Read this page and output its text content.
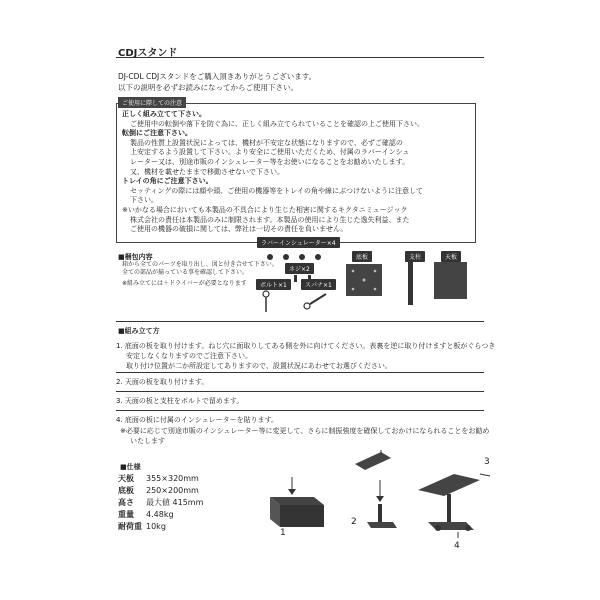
CDJスタンド
DJ-CDL CDJスタンドをご購入頂きありがとうございます。
以下の説明を必ずお読みになってからご使用下さい。
ご使用に際しての注意
正しく組み立てて下さい。
ご使用中の転倒や落下を防ぐ為に、正しく組み立てられていることを確認の上ご使用下さい。
転倒にご注意下さい。
製品の性質上設置状況によっては、機材が不安定な状態になりますので、必ずご確認の
上安定するよう設置して下さい。より安全にご使用いただくため、付属のラバーインシュ
レーター又は、別途市販のインシュレーター等をお使いになることをお勧めいたします。
又、機材を載せたままで移動させないで下さい。
トレイの角にご注意下さい。
セッティングの際には顔や頭、ご使用の機器等をトレイの角や線にぶつけないように注意して
下さい。
※いかなる場合においても本製品の不具合により生じた相害に関するキクタニミュージック
株式会社の責任は本製品のみに制限されます。本製品の使用により生じた逸失利益、また
ご使用の機器の破損に関しては、弊社は一切その責任を負いません。
■梱包内容
箱から全てのパーツを取り出し、図と付き合せて下さい。
全ての部品が揃っている事を確認して下さい。
※組み立てには＋ドライバーが必要となります
ラバーインシュレーター×4
ネジ×2
ボルト×1	スパナ×1
底板	支柱	天板
■組み立て方
1. 底面の板を取り付けます。ねじ穴に面取りしてある側を外に向けてください。表裏を逆に取り付けますと板がぐらつき
安定しなくなりますのでご注意下さい。
取り付け位置が二か所設定してありますので、設置状況にあわせてお選びください。
2. 天面の板を取り付けます。
3. 天面の板と支柱をボルトで留めます。
4. 底面の板に付属のインシュレーターを貼ります。
※必要に応じて別途市販のインシュレーター等に変更して、さらに制振強度を確保しておかけになられることをお勧め
いたします
■仕様
天板	355×320mm
底板	250×200mm
高さ	最大値 415mm
重量	4.48kg
耐荷重	10kg
1
2
3
4
